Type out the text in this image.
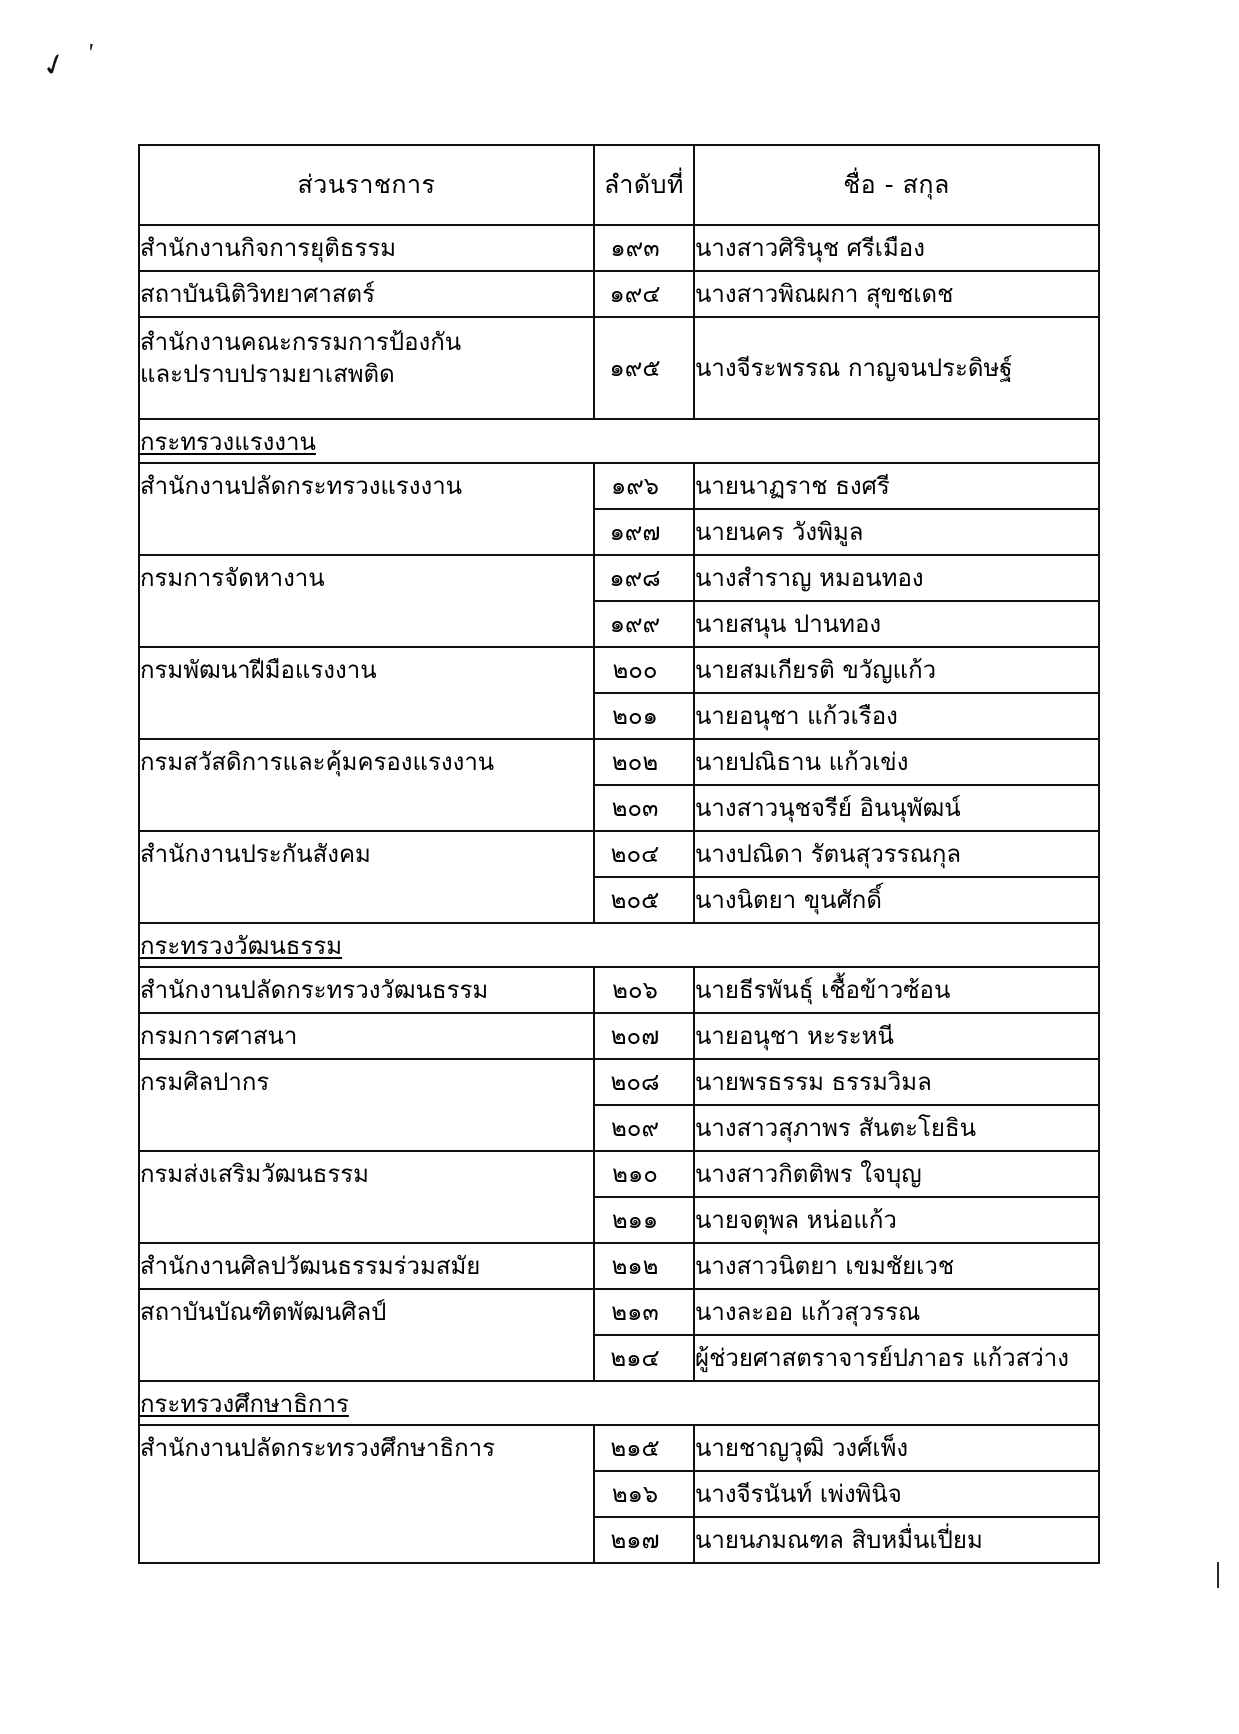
✓ '
ส่วนราชการ	ลำดับที่	ชื่อ - สกุล
สำนักงานกิจการยุติธรรม	๑๙๓	นางสาวศิรินุช ศรีเมือง
สถาบันนิติวิทยาศาสตร์	๑๙๔	นางสาวพิณผกา สุขชเดช
สำนักงานคณะกรรมการป้องกัน
และปราบปรามยาเสพติด	๑๙๕	นางจีระพรรณ กาญจนประดิษฐ์
กระทรวงแรงงาน		
สำนักงานปลัดกระทรวงแรงงาน	๑๙๖	นายนาฏราช ธงศรี
	๑๙๗	นายนคร วังพิมูล
กรมการจัดหางาน	๑๙๘	นางสำราญ หมอนทอง
	๑๙๙	นายสนุน ปานทอง
กรมพัฒนาฝีมือแรงงาน	๒๐๐	นายสมเกียรติ ขวัญแก้ว
	๒๐๑	นายอนุชา แก้วเรือง
กรมสวัสดิการและคุ้มครองแรงงาน	๒๐๒	นายปณิธาน แก้วเข่ง
	๒๐๓	นางสาวนุชจรีย์ อินนุพัฒน์
สำนักงานประกันสังคม	๒๐๔	นางปณิดา รัตนสุวรรณกุล
	๒๐๕	นางนิตยา ขุนศักดิ์
กระทรวงวัฒนธรรม		
สำนักงานปลัดกระทรวงวัฒนธรรม	๒๐๖	นายธีรพันธุ์ เชื้อข้าวซ้อน
กรมการศาสนา	๒๐๗	นายอนุชา หะระหนี
กรมศิลปากร	๒๐๘	นายพรธรรม ธรรมวิมล
	๒๐๙	นางสาวสุภาพร สันตะโยธิน
กรมส่งเสริมวัฒนธรรม	๒๑๐	นางสาวกิตติพร ใจบุญ
	๒๑๑	นายจตุพล หน่อแก้ว
สำนักงานศิลปวัฒนธรรมร่วมสมัย	๒๑๒	นางสาวนิตยา เขมชัยเวช
สถาบันบัณฑิตพัฒนศิลป์	๒๑๓	นางละออ แก้วสุวรรณ
	๒๑๔	ผู้ช่วยศาสตราจารย์ปภาอร แก้วสว่าง
กระทรวงศึกษาธิการ		
สำนักงานปลัดกระทรวงศึกษาธิการ	๒๑๕	นายชาญวุฒิ วงศ์เพ็ง
	๒๑๖	นางจีรนันท์ เพ่งพินิจ
	๒๑๗	นายนภมณฑล สิบหมื่นเปี่ยม
